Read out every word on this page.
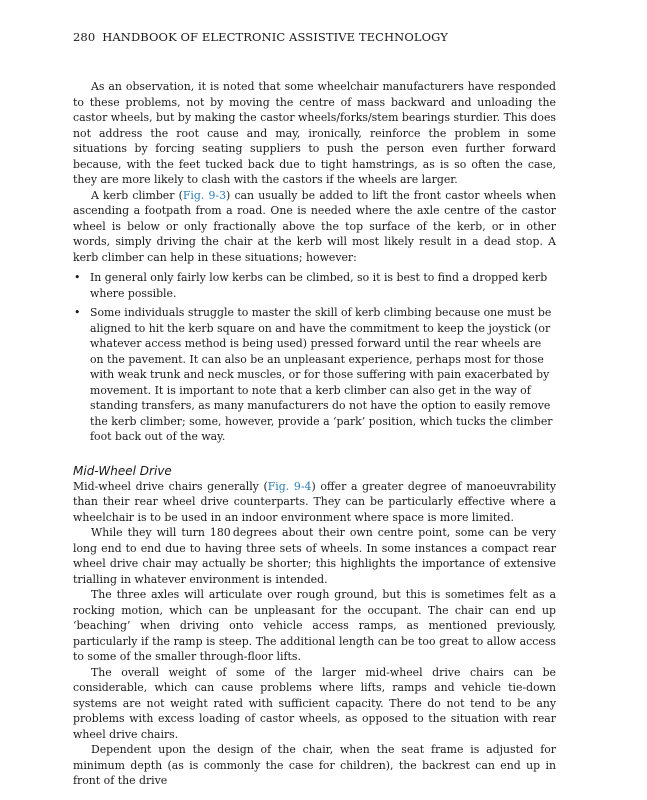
280 HANDBOOK OF ELECTRONIC ASSISTIVE TECHNOLOGY

As an observation, it is noted that some wheelchair manufacturers have responded to these problems, not by moving the centre of mass backward and unloading the castor wheels, but by making the castor wheels/forks/stem bearings sturdier. This does not address the root cause and may, ironically, reinforce the problem in some situations by forcing seating suppliers to push the person even further forward because, with the feet tucked back due to tight hamstrings, as is so often the case, they are more likely to clash with the castors if the wheels are larger.

A kerb climber (Fig. 9-3) can usually be added to lift the front castor wheels when ascending a footpath from a road. One is needed where the axle centre of the castor wheel is below or only fractionally above the top surface of the kerb, or in other words, simply driving the chair at the kerb will most likely result in a dead stop. A kerb climber can help in these situations; however:

• In general only fairly low kerbs can be climbed, so it is best to find a dropped kerb where possible.
• Some individuals struggle to master the skill of kerb climbing because one must be aligned to hit the kerb square on and have the commitment to keep the joystick (or whatever access method is being used) pressed forward until the rear wheels are on the pavement. It can also be an unpleasant experience, perhaps most for those with weak trunk and neck muscles, or for those suffering with pain exacerbated by movement. It is important to note that a kerb climber can also get in the way of standing transfers, as many manufacturers do not have the option to easily remove the kerb climber; some, however, provide a ‘park’ position, which tucks the climber foot back out of the way.
Mid-Wheel Drive

Mid-wheel drive chairs generally (Fig. 9-4) offer a greater degree of manoeuvrability than their rear wheel drive counterparts. They can be particularly effective where a wheelchair is to be used in an indoor environment where space is more limited.

While they will turn 180 degrees about their own centre point, some can be very long end to end due to having three sets of wheels. In some instances a compact rear wheel drive chair may actually be shorter; this highlights the importance of extensive trialling in whatever environment is intended.

The three axles will articulate over rough ground, but this is sometimes felt as a rocking motion, which can be unpleasant for the occupant. The chair can end up ‘beaching’ when driving onto vehicle access ramps, as mentioned previously, particularly if the ramp is steep. The additional length can be too great to allow access to some of the smaller through-floor lifts.

The overall weight of some of the larger mid-wheel drive chairs can be considerable, which can cause problems where lifts, ramps and vehicle tie-down systems are not weight rated with sufficient capacity. There do not tend to be any problems with excess loading of castor wheels, as opposed to the situation with rear wheel drive chairs.

Dependent upon the design of the chair, when the seat frame is adjusted for minimum depth (as is commonly the case for children), the backrest can end up in front of the drive
